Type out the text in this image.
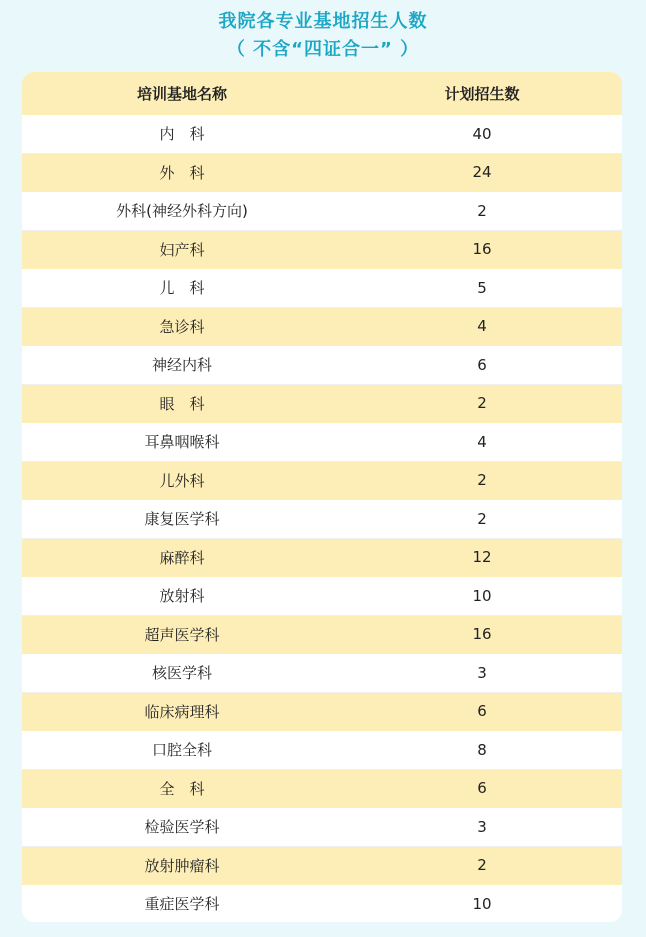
我院各专业基地招生人数
（ 不含“四证合一” ）
培训基地名称	计划招生数
内　科	40
外　科	24
外科(神经外科方向)	2
妇产科	16
儿　科	5
急诊科	4
神经内科	6
眼　科	2
耳鼻咽喉科	4
儿外科	2
康复医学科	2
麻醉科	12
放射科	10
超声医学科	16
核医学科	3
临床病理科	6
口腔全科	8
全　科	6
检验医学科	3
放射肿瘤科	2
重症医学科	10
